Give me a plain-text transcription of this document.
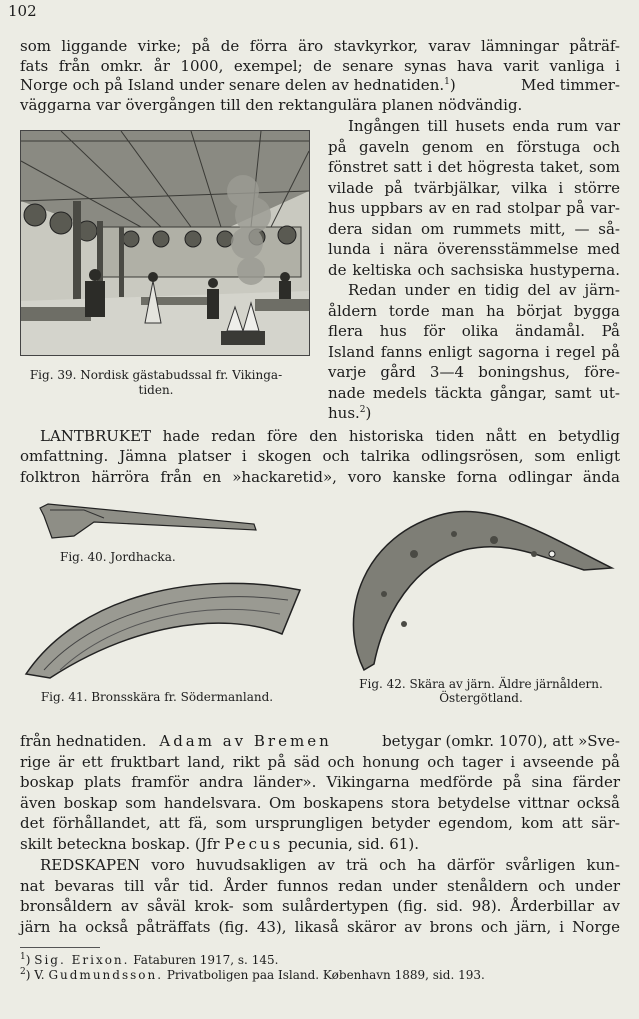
102
som liggande virke; på de förra äro stavkyrkor, varav lämningar påträf-
fats från omkr. år 1000, exempel; de senare synas hava varit vanliga i
Norge och på Island under senare delen av hednatiden.$^1$)	Med timmer-
väggarna var övergången till den rektangulära planen nödvändig.
Fig. 39. Nordisk gästabudssal fr. Vikinga-tiden.
Ingången till husets enda rum var
på gaveln genom en förstuga och
fönstret satt i det högresta taket, som
vilade på tvärbjälkar, vilka i större
hus uppbars av en rad stolpar på var-
dera sidan om rummets mitt, — så-
lunda i nära överensstämmelse med
de keltiska och sachsiska hustyperna.
Redan under en tidig del av järn-
åldern torde man ha börjat bygga
flera hus för olika ändamål. På
Island fanns enligt sagorna i regel på
varje gård 3—4 boningshus, före-
nade medels täckta gångar, samt ut-
hus.$^2$)
LANTBRUKET hade redan före den historiska tiden nått en betydlig
omfattning. Jämna platser i skogen och talrika odlingsrösen, som enligt
folktron härröra från en »hackaretid», voro kanske forna odlingar ända
Fig. 40. Jordhacka.
Fig. 41. Bronsskära fr. Södermanland.
Fig. 42. Skära av järn. Äldre järnåldern.
Östergötland.
från hednatiden. Adam av Bremen	betygar (omkr. 1070), att »Sve-
rige är ett fruktbart land, rikt på säd och honung och tager i avseende på
boskap plats framför andra länder». Vikingarna medförde på sina färder
även boskap som handelsvara. Om boskapens stora betydelse vittnar också
det förhållandet, att fä, som ursprungligen betyder egendom, kom att sär-
skilt beteckna boskap. (Jfr Pecus pecunia, sid. 61).
REDSKAPEN voro huvudsakligen av trä och ha därför svårligen kun-
nat bevaras till vår tid. Årder funnos redan under stenåldern och under
bronsåldern av såväl krok- som sulårdertypen (fig. sid. 98). Årderbillar av
järn ha också påträffats (fig. 43), likaså skäror av brons och järn, i Norge
$^1$) Sig. Erixon. Fataburen 1917, s. 145.
$^2$) V. Gudmundsson. Privatboligen paa Island. København 1889, sid. 193.
